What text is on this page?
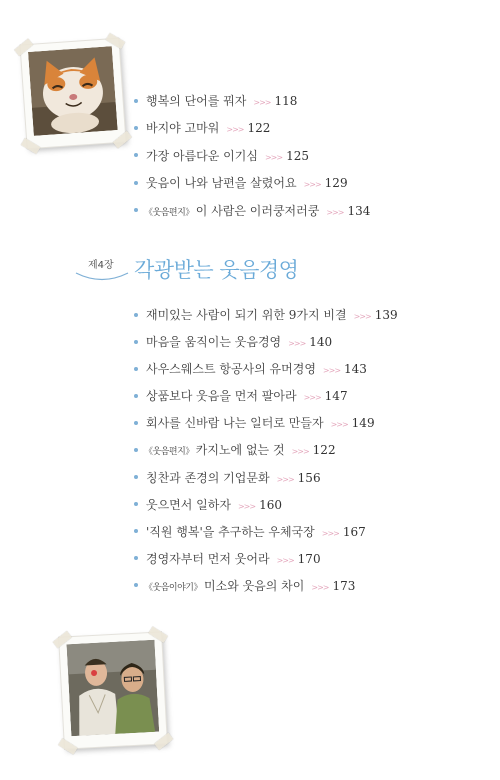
행복의 단어를 꿔자 >>> 118
바지야 고마워 >>> 122
가장 아름다운 이기심 >>> 125
웃음이 나와 남편을 살렸어요 >>> 129
《웃음편지》 이 사람은 이러쿵저러쿵 >>> 134
제4장 각광받는 웃음경영
재미있는 사람이 되기 위한 9가지 비결 >>> 139
마음을 움직이는 웃음경영 >>> 140
사우스웨스트 항공사의 유머경영 >>> 143
상품보다 웃음을 먼저 팔아라 >>> 147
회사를 신바람 나는 일터로 만들자 >>> 149
《웃음편지》 카지노에 없는 것 >>> 122
칭찬과 존경의 기업문화 >>> 156
웃으면서 일하자 >>> 160
'직원 행복'을 추구하는 우체국장 >>> 167
경영자부터 먼저 웃어라 >>> 170
《웃음이야기》 미소와 웃음의 차이 >>> 173
